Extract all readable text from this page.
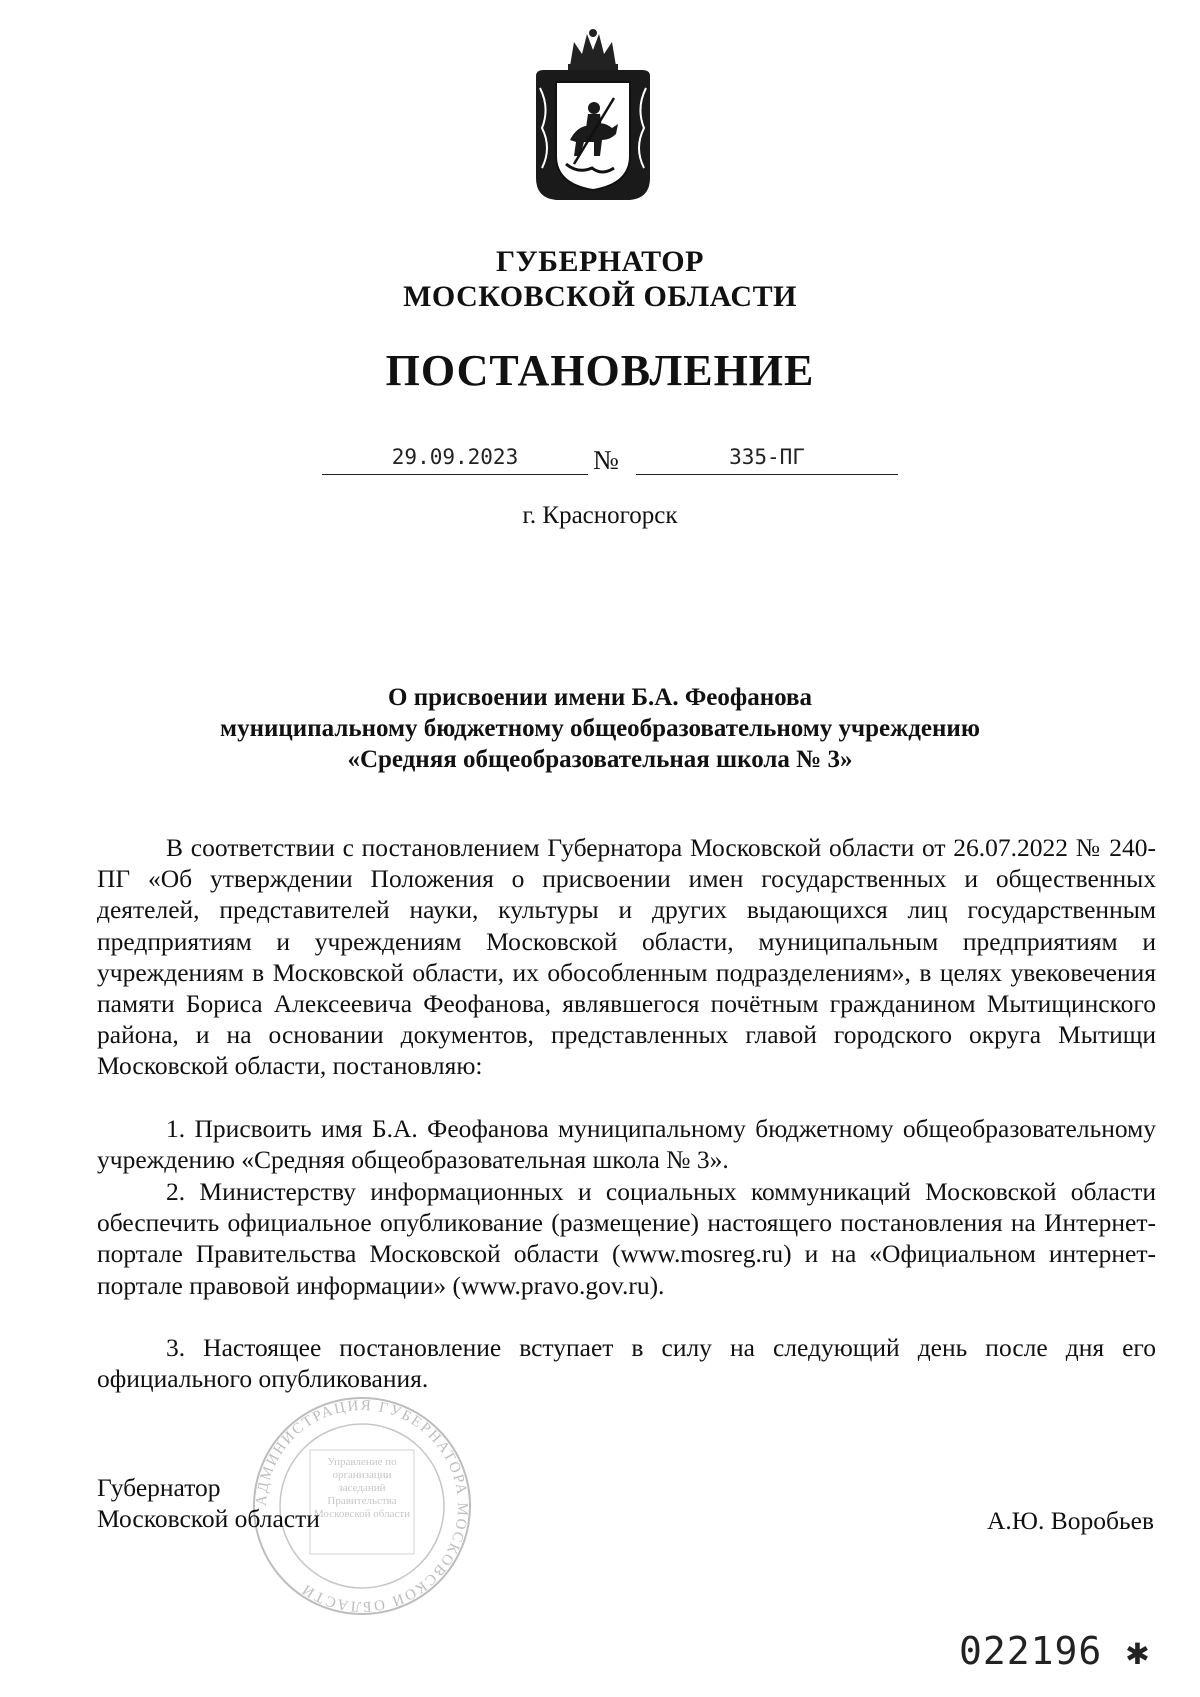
ГУБЕРНАТОР
МОСКОВСКОЙ ОБЛАСТИ
ПОСТАНОВЛЕНИЕ
29.09.2023	№	335-ПГ
г. Красногорск
О присвоении имени Б.А. Феофанова
муниципальному бюджетному общеобразовательному учреждению
«Средняя общеобразовательная школа № 3»

В соответствии с постановлением Губернатора Московской области от 26.07.2022 № 240-ПГ «Об утверждении Положения о присвоении имен государственных и общественных деятелей, представителей науки, культуры и других выдающихся лиц государственным предприятиям и учреждениям Московской области, муниципальным предприятиям и учреждениям в Московской области, их обособленным подразделениям», в целях увековечения памяти Бориса Алексеевича Феофанова, являвшегося почётным гражданином Мытищинского района, и на основании документов, представленных главой городского округа Мытищи Московской области, постановляю:

1. Присвоить имя Б.А. Феофанова муниципальному бюджетному общеобразовательному учреждению «Средняя общеобразовательная школа № 3».

2. Министерству информационных и социальных коммуникаций Московской области обеспечить официальное опубликование (размещение) настоящего постановления на Интернет-портале Правительства Московской области (www.mosreg.ru) и на «Официальном интернет-портале правовой информации» (www.pravo.gov.ru).

3. Настоящее постановление вступает в силу на следующий день после дня его официального опубликования.

АДМИНИСТРАЦИЯ ГУБЕРНАТОРА МОСКОВСКОЙ ОБЛАСТИ
Управление по организации заседаний Правительства Московской области
Губернатор
Московской области	А.Ю. Воробьев
022196 ✱
